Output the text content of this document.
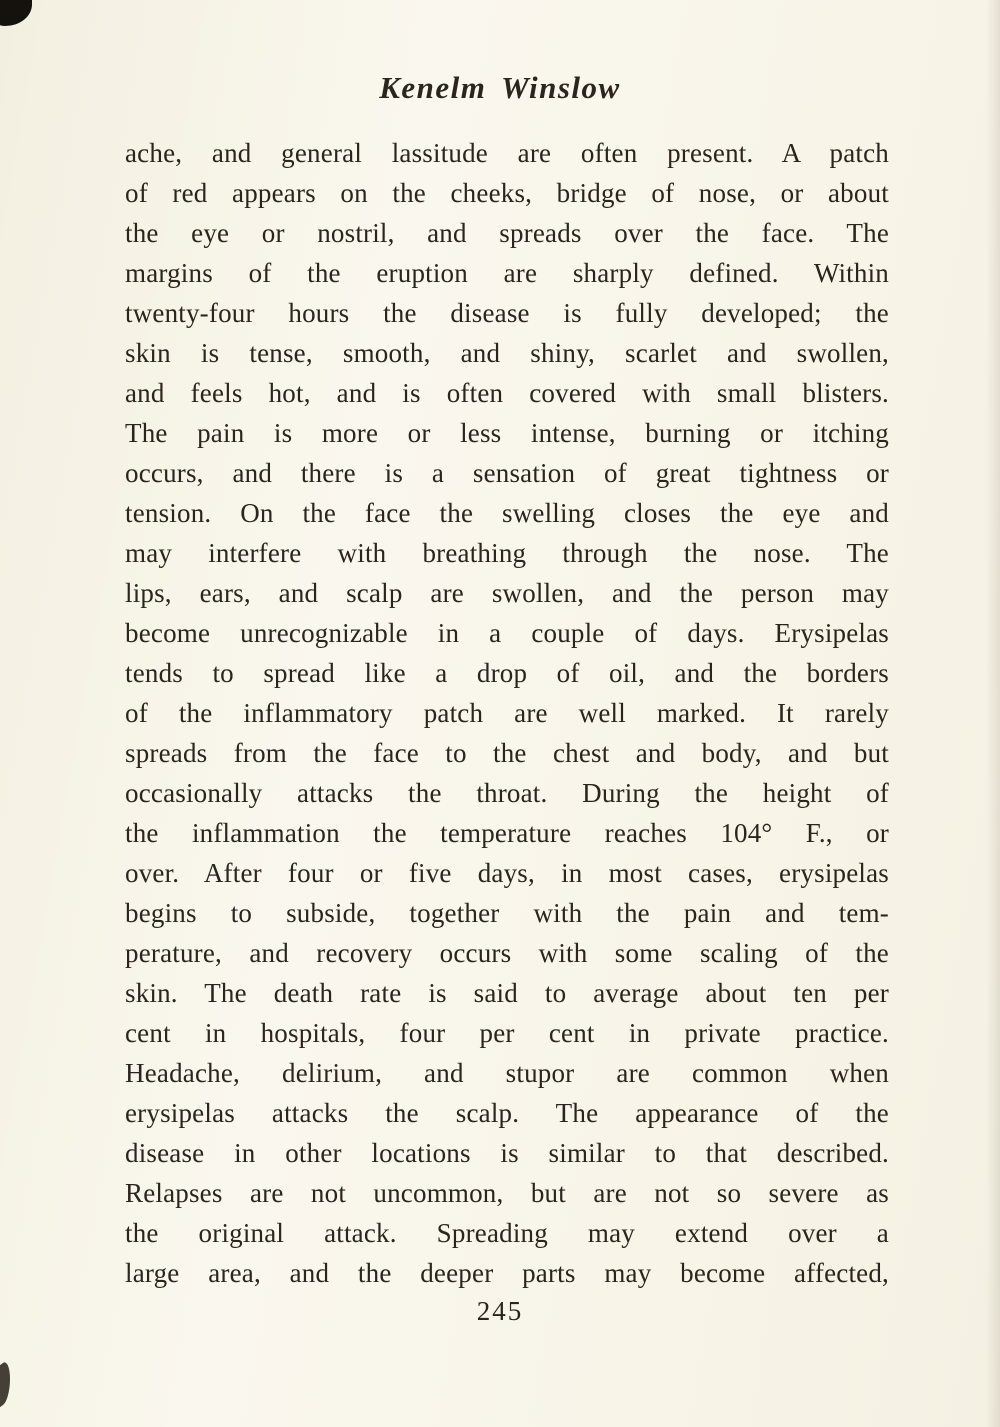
Kenelm Winslow
ache, and general lassitude are often present. A patch
of red appears on the cheeks, bridge of nose, or about
the eye or nostril, and spreads over the face. The
margins of the eruption are sharply defined. Within
twenty-four hours the disease is fully developed; the
skin is tense, smooth, and shiny, scarlet and swollen,
and feels hot, and is often covered with small blisters.
The pain is more or less intense, burning or itching
occurs, and there is a sensation of great tightness or
tension. On the face the swelling closes the eye and
may interfere with breathing through the nose. The
lips, ears, and scalp are swollen, and the person may
become unrecognizable in a couple of days. Erysipelas
tends to spread like a drop of oil, and the borders
of the inflammatory patch are well marked. It rarely
spreads from the face to the chest and body, and but
occasionally attacks the throat. During the height of
the inflammation the temperature reaches 104° F., or
over. After four or five days, in most cases, erysipelas
begins to subside, together with the pain and tem-
perature, and recovery occurs with some scaling of the
skin. The death rate is said to average about ten per
cent in hospitals, four per cent in private practice.
Headache, delirium, and stupor are common when
erysipelas attacks the scalp. The appearance of the
disease in other locations is similar to that described.
Relapses are not uncommon, but are not so severe as
the original attack. Spreading may extend over a
large area, and the deeper parts may become affected,
245
